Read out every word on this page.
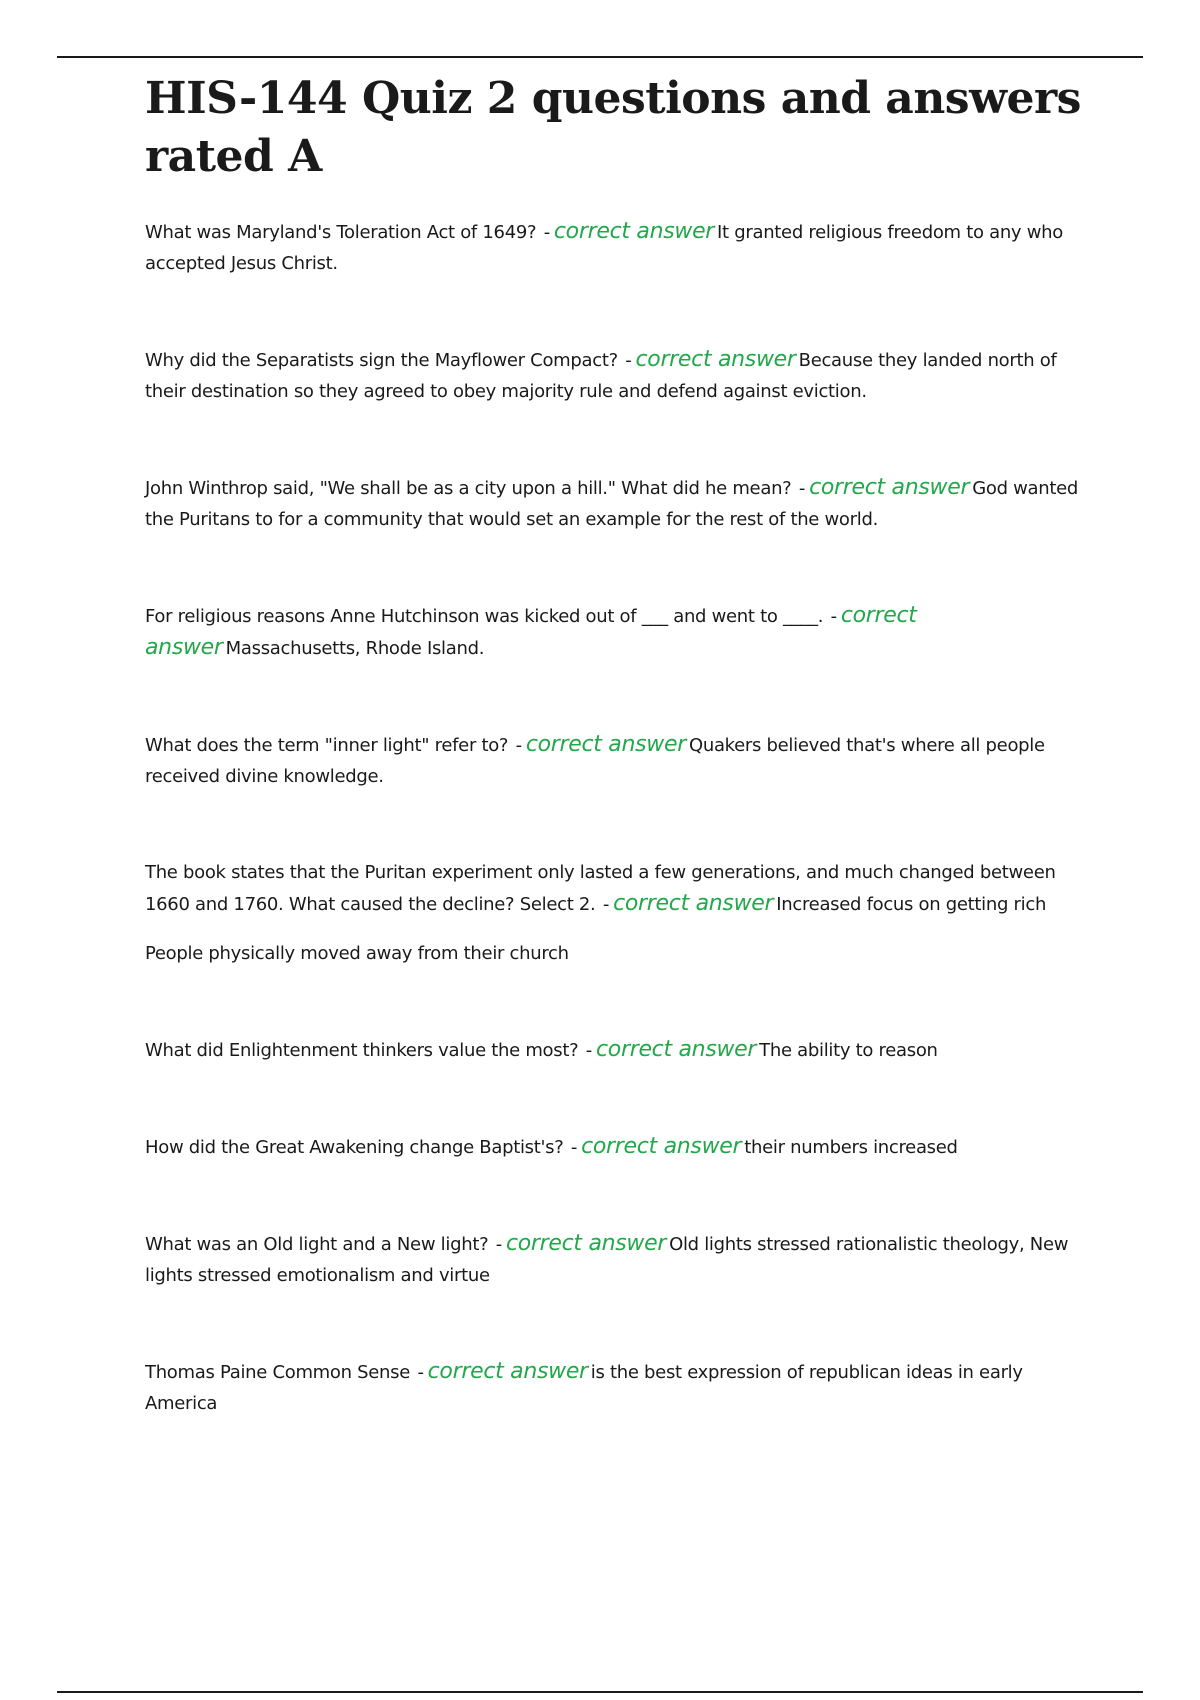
HIS-144 Quiz 2 questions and answers rated A
What was Maryland's Toleration Act of 1649? - correct answer It granted religious freedom to any who accepted Jesus Christ.
Why did the Separatists sign the Mayflower Compact? - correct answer Because they landed north of their destination so they agreed to obey majority rule and defend against eviction.
John Winthrop said, "We shall be as a city upon a hill." What did he mean? - correct answer God wanted the Puritans to for a community that would set an example for the rest of the world.
For religious reasons Anne Hutchinson was kicked out of ___ and went to ____. - correct answer Massachusetts, Rhode Island.
What does the term "inner light" refer to? - correct answer Quakers believed that's where all people received divine knowledge.
The book states that the Puritan experiment only lasted a few generations, and much changed between 1660 and 1760. What caused the decline? Select 2. - correct answer Increased focus on getting rich
People physically moved away from their church
What did Enlightenment thinkers value the most? - correct answer The ability to reason
How did the Great Awakening change Baptist's? - correct answer their numbers increased
What was an Old light and a New light? - correct answer Old lights stressed rationalistic theology, New lights stressed emotionalism and virtue
Thomas Paine Common Sense - correct answer is the best expression of republican ideas in early America
